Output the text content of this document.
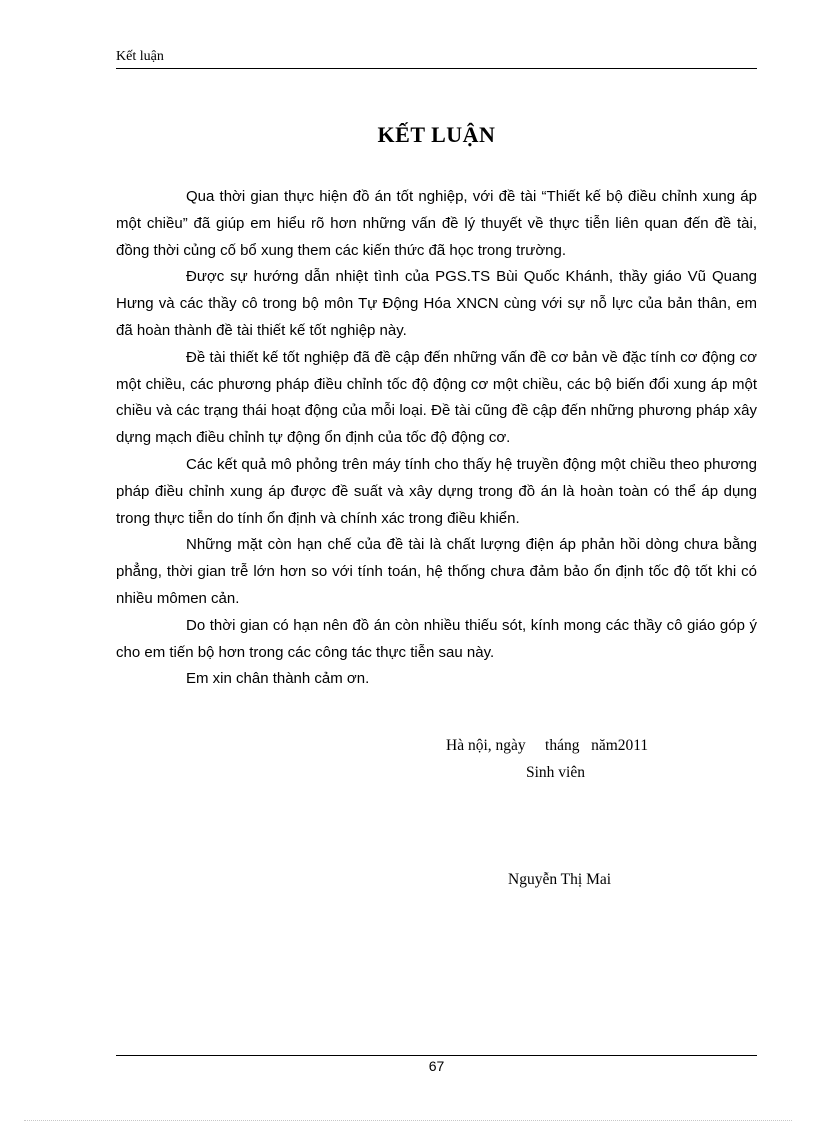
Kết luận
KẾT LUẬN

Qua thời gian thực hiện đồ án tốt nghiệp, với đề tài “Thiết kế bộ điều chỉnh xung áp một chiều” đã giúp em hiểu rõ hơn những vấn đề lý thuyết về thực tiễn liên quan đến đề tài, đồng thời củng cố bổ xung them các kiến thức đã học trong trường.

Được sự hướng dẫn nhiệt tình của PGS.TS Bùi Quốc Khánh, thầy giáo Vũ Quang Hưng và các thầy cô trong bộ môn Tự Động Hóa XNCN cùng với sự nỗ lực của bản thân, em đã hoàn thành đề tài thiết kế tốt nghiệp này.

Đề tài thiết kế tốt nghiệp đã đề cập đến những vấn đề cơ bản về đặc tính cơ động cơ một chiều, các phương pháp điều chỉnh tốc độ động cơ một chiều, các bộ biến đổi xung áp một chiều và các trạng thái hoạt động của mỗi loại. Đề tài cũng đề cập đến những phương pháp xây dựng mạch điều chỉnh tự động ổn định của tốc độ động cơ.

Các kết quả mô phỏng trên máy tính cho thấy hệ truyền động một chiều theo phương pháp điều chỉnh xung áp được đề suất và xây dựng trong đồ án là hoàn toàn có thể áp dụng trong thực tiễn do tính ổn định và chính xác trong điều khiển.

Những mặt còn hạn chế của đề tài là chất lượng điện áp phản hồi dòng chưa bằng phẳng, thời gian trễ lớn hơn so với tính toán, hệ thống chưa đảm bảo ổn định tốc độ tốt khi có nhiều mômen cản.

Do thời gian có hạn nên đồ án còn nhiều thiếu sót, kính mong các thầy cô giáo góp ý cho em tiến bộ hơn trong các công tác thực tiễn sau này.

Em xin chân thành cảm ơn.

Hà nội, ngày     tháng   năm2011
Sinh viên
Nguyễn Thị Mai
67
